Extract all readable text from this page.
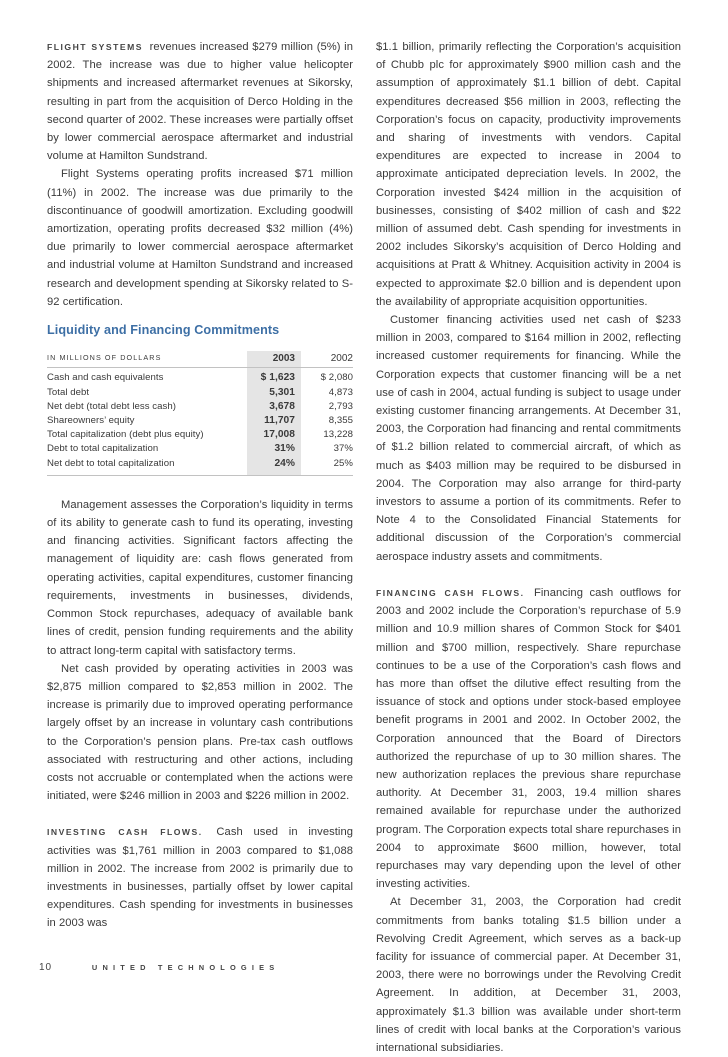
FLIGHT SYSTEMS revenues increased $279 million (5%) in 2002. The increase was due to higher value helicopter shipments and increased aftermarket revenues at Sikorsky, resulting in part from the acquisition of Derco Holding in the second quarter of 2002. These increases were partially offset by lower commercial aerospace aftermarket and industrial volume at Hamilton Sundstrand.

Flight Systems operating profits increased $71 million (11%) in 2002. The increase was due primarily to the discontinuance of goodwill amortization. Excluding goodwill amortization, operating profits decreased $32 million (4%) due primarily to lower commercial aerospace aftermarket and industrial volume at Hamilton Sundstrand and increased research and development spending at Sikorsky related to S-92 certification.

Liquidity and Financing Commitments
IN MILLIONS OF DOLLARS	2003	2002
Cash and cash equivalents	$ 1,623	$ 2,080
Total debt	5,301	4,873
Net debt (total debt less cash)	3,678	2,793
Shareowners’ equity	11,707	8,355
Total capitalization (debt plus equity)	17,008	13,228
Debt to total capitalization	31%	37%
Net debt to total capitalization	24%	25%

Management assesses the Corporation’s liquidity in terms of its ability to generate cash to fund its operating, investing and financing activities. Significant factors affecting the management of liquidity are: cash flows generated from operating activities, capital expenditures, customer financing requirements, investments in businesses, dividends, Common Stock repurchases, adequacy of available bank lines of credit, pension funding requirements and the ability to attract long-term capital with satisfactory terms.

Net cash provided by operating activities in 2003 was $2,875 million compared to $2,853 million in 2002. The increase is primarily due to improved operating performance largely offset by an increase in voluntary cash contributions to the Corporation’s pension plans. Pre-tax cash outflows associated with restructuring and other actions, including costs not accruable or contemplated when the actions were initiated, were $246 million in 2003 and $226 million in 2002.

INVESTING CASH FLOWS. Cash used in investing activities was $1,761 million in 2003 compared to $1,088 million in 2002. The increase from 2002 is primarily due to investments in businesses, partially offset by lower capital expenditures. Cash spending for investments in businesses in 2003 was

$1.1 billion, primarily reflecting the Corporation’s acquisition of Chubb plc for approximately $900 million cash and the assumption of approximately $1.1 billion of debt. Capital expenditures decreased $56 million in 2003, reflecting the Corporation’s focus on capacity, productivity improvements and sharing of investments with vendors. Capital expenditures are expected to increase in 2004 to approximate anticipated depreciation levels. In 2002, the Corporation invested $424 million in the acquisition of businesses, consisting of $402 million of cash and $22 million of assumed debt. Cash spending for investments in 2002 includes Sikorsky’s acquisition of Derco Holding and acquisitions at Pratt & Whitney. Acquisition activity in 2004 is expected to approximate $2.0 billion and is dependent upon the availability of appropriate acquisition opportunities.

Customer financing activities used net cash of $233 million in 2003, compared to $164 million in 2002, reflecting increased customer requirements for financing. While the Corporation expects that customer financing will be a net use of cash in 2004, actual funding is subject to usage under existing customer financing arrangements. At December 31, 2003, the Corporation had financing and rental commitments of $1.2 billion related to commercial aircraft, of which as much as $403 million may be required to be disbursed in 2004. The Corporation may also arrange for third-party investors to assume a portion of its commitments. Refer to Note 4 to the Consolidated Financial Statements for additional discussion of the Corporation’s commercial aerospace industry assets and commitments.

FINANCING CASH FLOWS. Financing cash outflows for 2003 and 2002 include the Corporation’s repurchase of 5.9 million and 10.9 million shares of Common Stock for $401 million and $700 million, respectively. Share repurchase continues to be a use of the Corporation’s cash flows and has more than offset the dilutive effect resulting from the issuance of stock and options under stock-based employee benefit programs in 2001 and 2002. In October 2002, the Corporation announced that the Board of Directors authorized the repurchase of up to 30 million shares. The new authorization replaces the previous share repurchase authority. At December 31, 2003, 19.4 million shares remained available for repurchase under the authorized program. The Corporation expects total share repurchases in 2004 to approximate $600 million, however, total repurchases may vary depending upon the level of other investing activities.

At December 31, 2003, the Corporation had credit commitments from banks totaling $1.5 billion under a Revolving Credit Agreement, which serves as a back-up facility for issuance of commercial paper. At December 31, 2003, there were no borrowings under the Revolving Credit Agreement. In addition, at December 31, 2003, approximately $1.3 billion was available under short-term lines of credit with local banks at the Corporation’s various international subsidiaries.

10	UNITED TECHNOLOGIES
